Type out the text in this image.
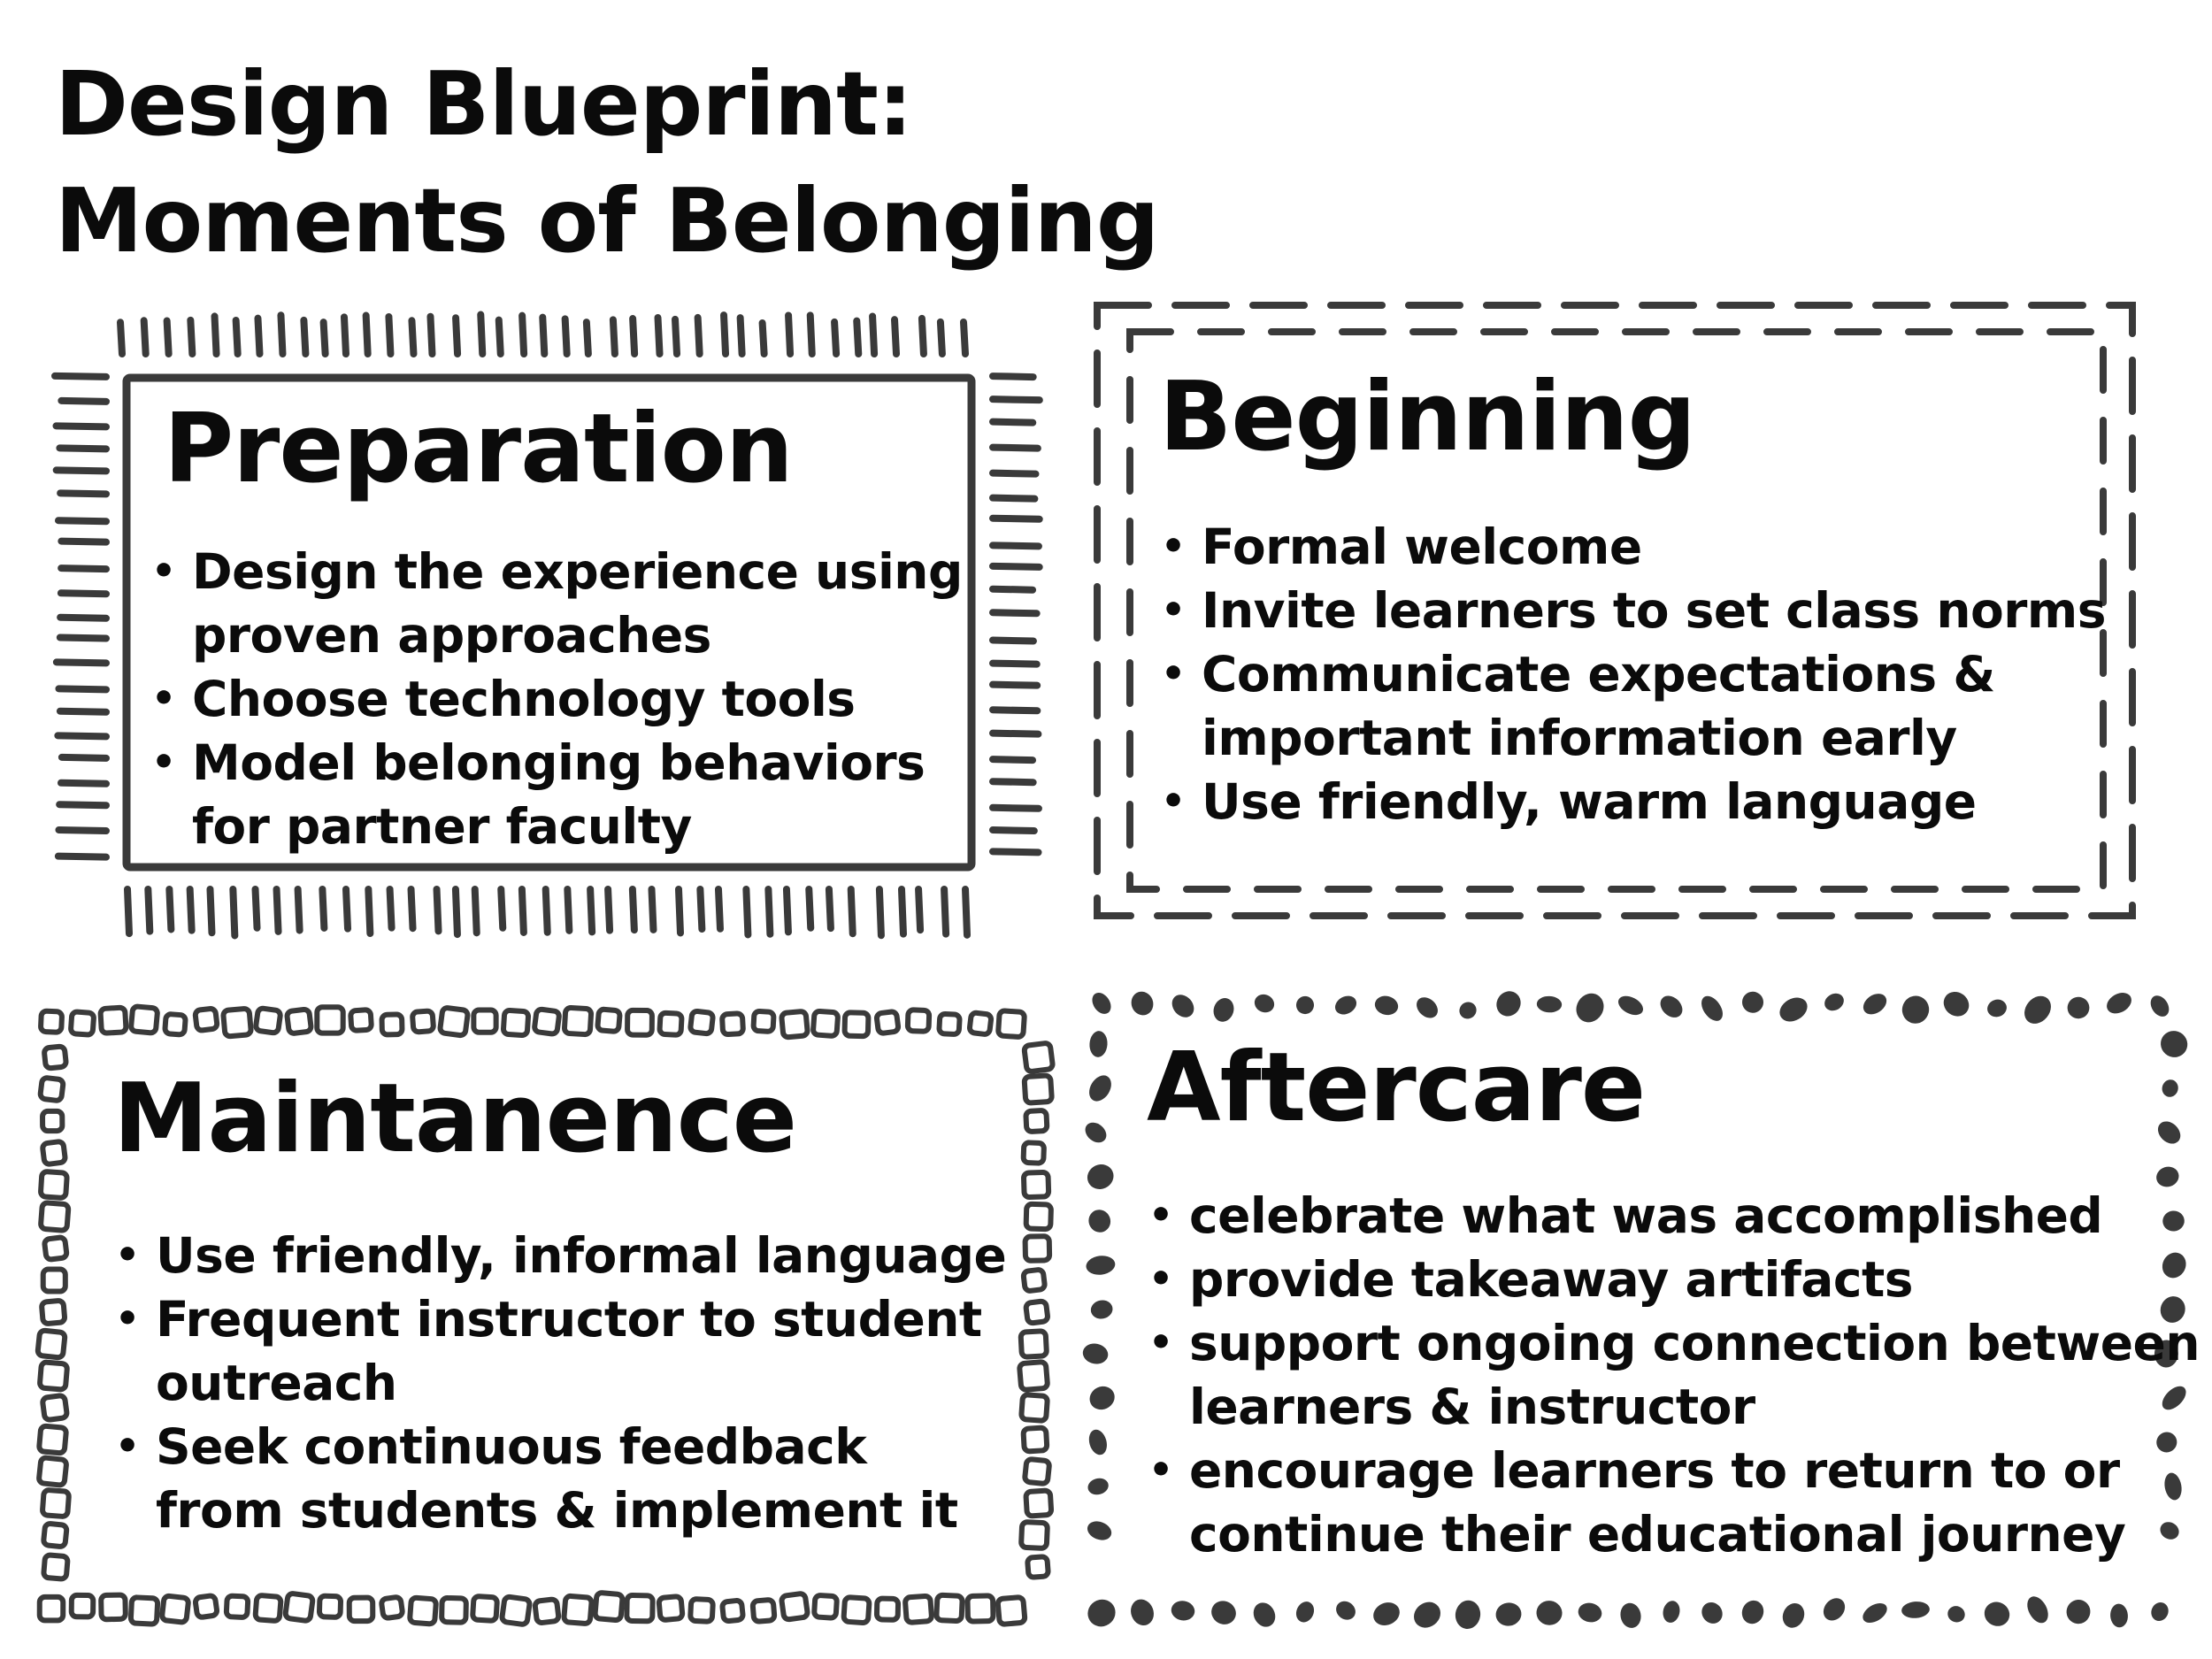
Design Blueprint:
Moments of Belonging
Preparation
• Design the experience using
proven approaches
• Choose technology tools
• Model belonging behaviors
for partner faculty
Beginning
• Formal welcome
• Invite learners to set class norms
• Communicate expectations &
important information early
• Use friendly, warm language
Maintanence
• Use friendly, informal language
• Frequent instructor to student
outreach
• Seek continuous feedback
from students & implement it
Aftercare
• celebrate what was accomplished
• provide takeaway artifacts
• support ongoing connection between
learners & instructor
• encourage learners to return to or
continue their educational journey
